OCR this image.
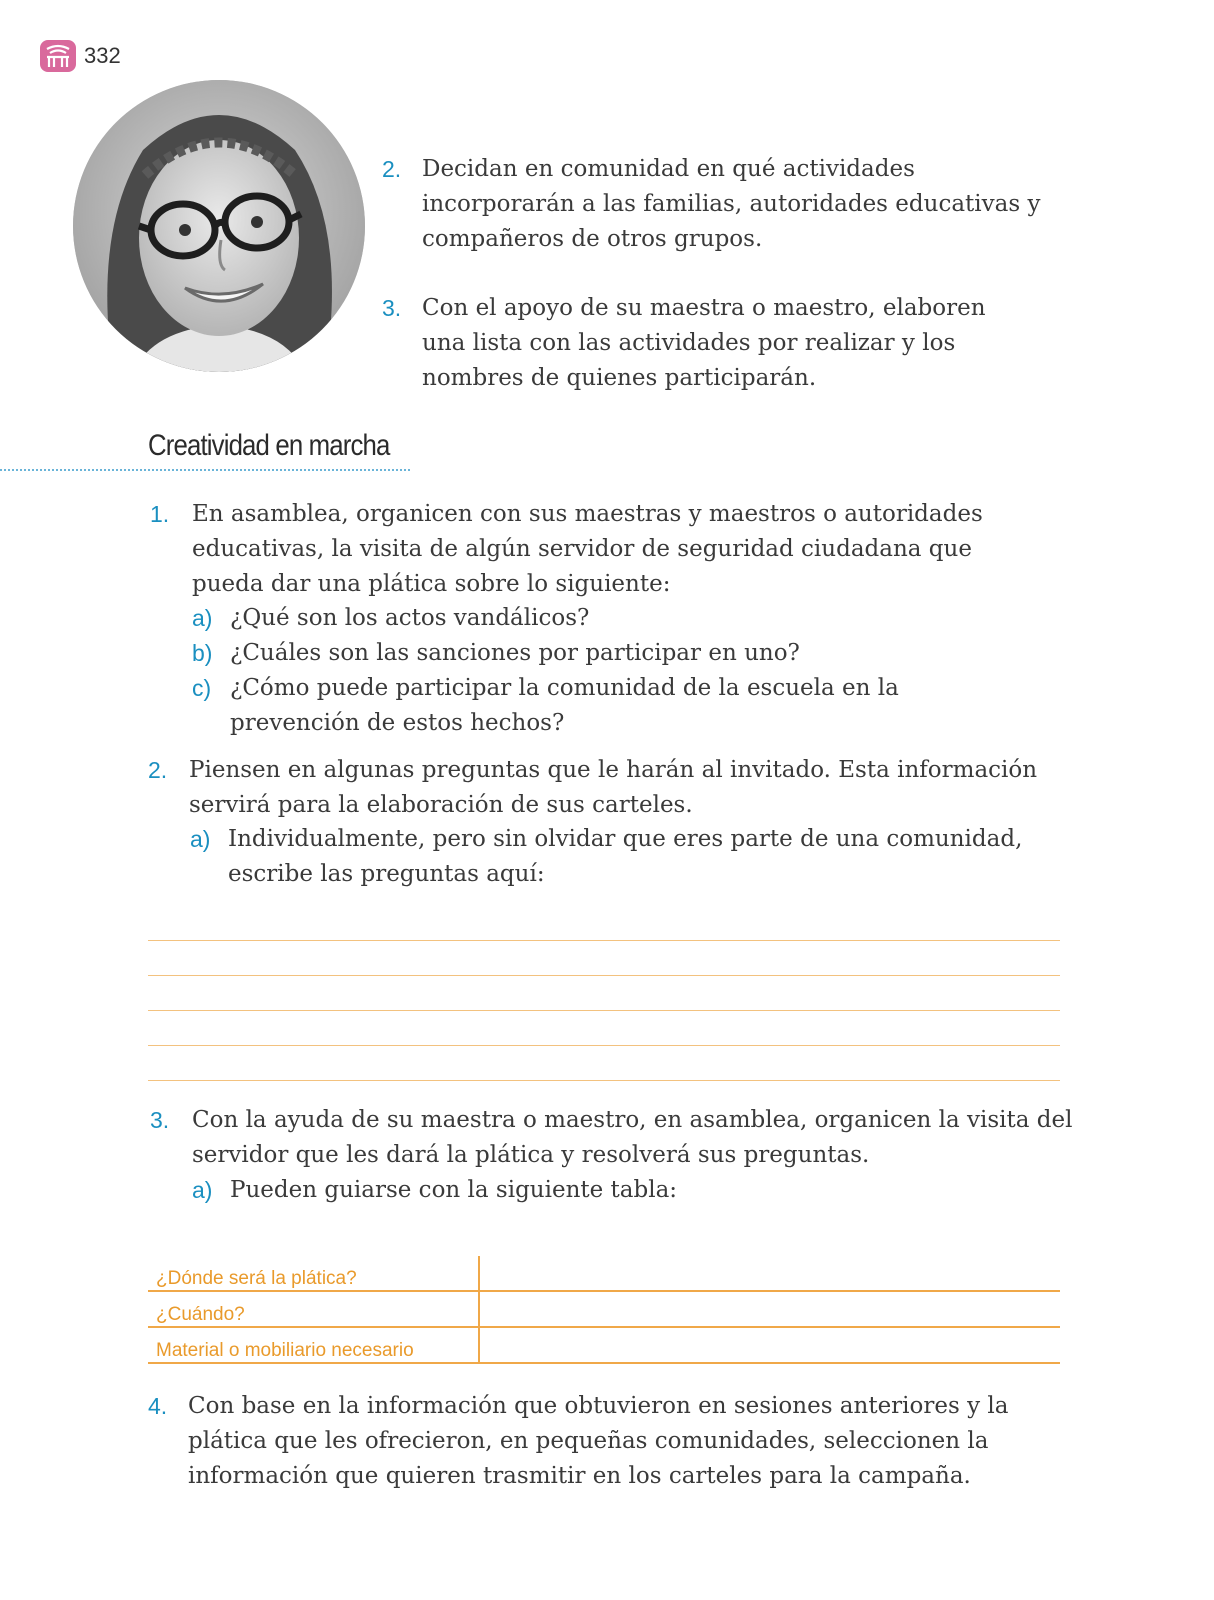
332
2. Decidan en comunidad en qué actividades incorporarán a las familias, autoridades educativas y compañeros de otros grupos.
3. Con el apoyo de su maestra o maestro, elaboren una lista con las actividades por realizar y los nombres de quienes participarán.
Creatividad en marcha
1. En asamblea, organicen con sus maestras y maestros o autoridades educativas, la visita de algún servidor de seguridad ciudadana que pueda dar una plática sobre lo siguiente:
a) ¿Qué son los actos vandálicos?
b) ¿Cuáles son las sanciones por participar en uno?
c) ¿Cómo puede participar la comunidad de la escuela en la prevención de estos hechos?
2. Piensen en algunas preguntas que le harán al invitado. Esta información servirá para la elaboración de sus carteles.
a) Individualmente, pero sin olvidar que eres parte de una comunidad, escribe las preguntas aquí:
3. Con la ayuda de su maestra o maestro, en asamblea, organicen la visita del servidor que les dará la plática y resolverá sus preguntas.
a) Pueden guiarse con la siguiente tabla:
¿Dónde será la plática?	
¿Cuándo?	
Material o mobiliario necesario	
4. Con base en la información que obtuvieron en sesiones anteriores y la plática que les ofrecieron, en pequeñas comunidades, seleccionen la información que quieren trasmitir en los carteles para la campaña.
